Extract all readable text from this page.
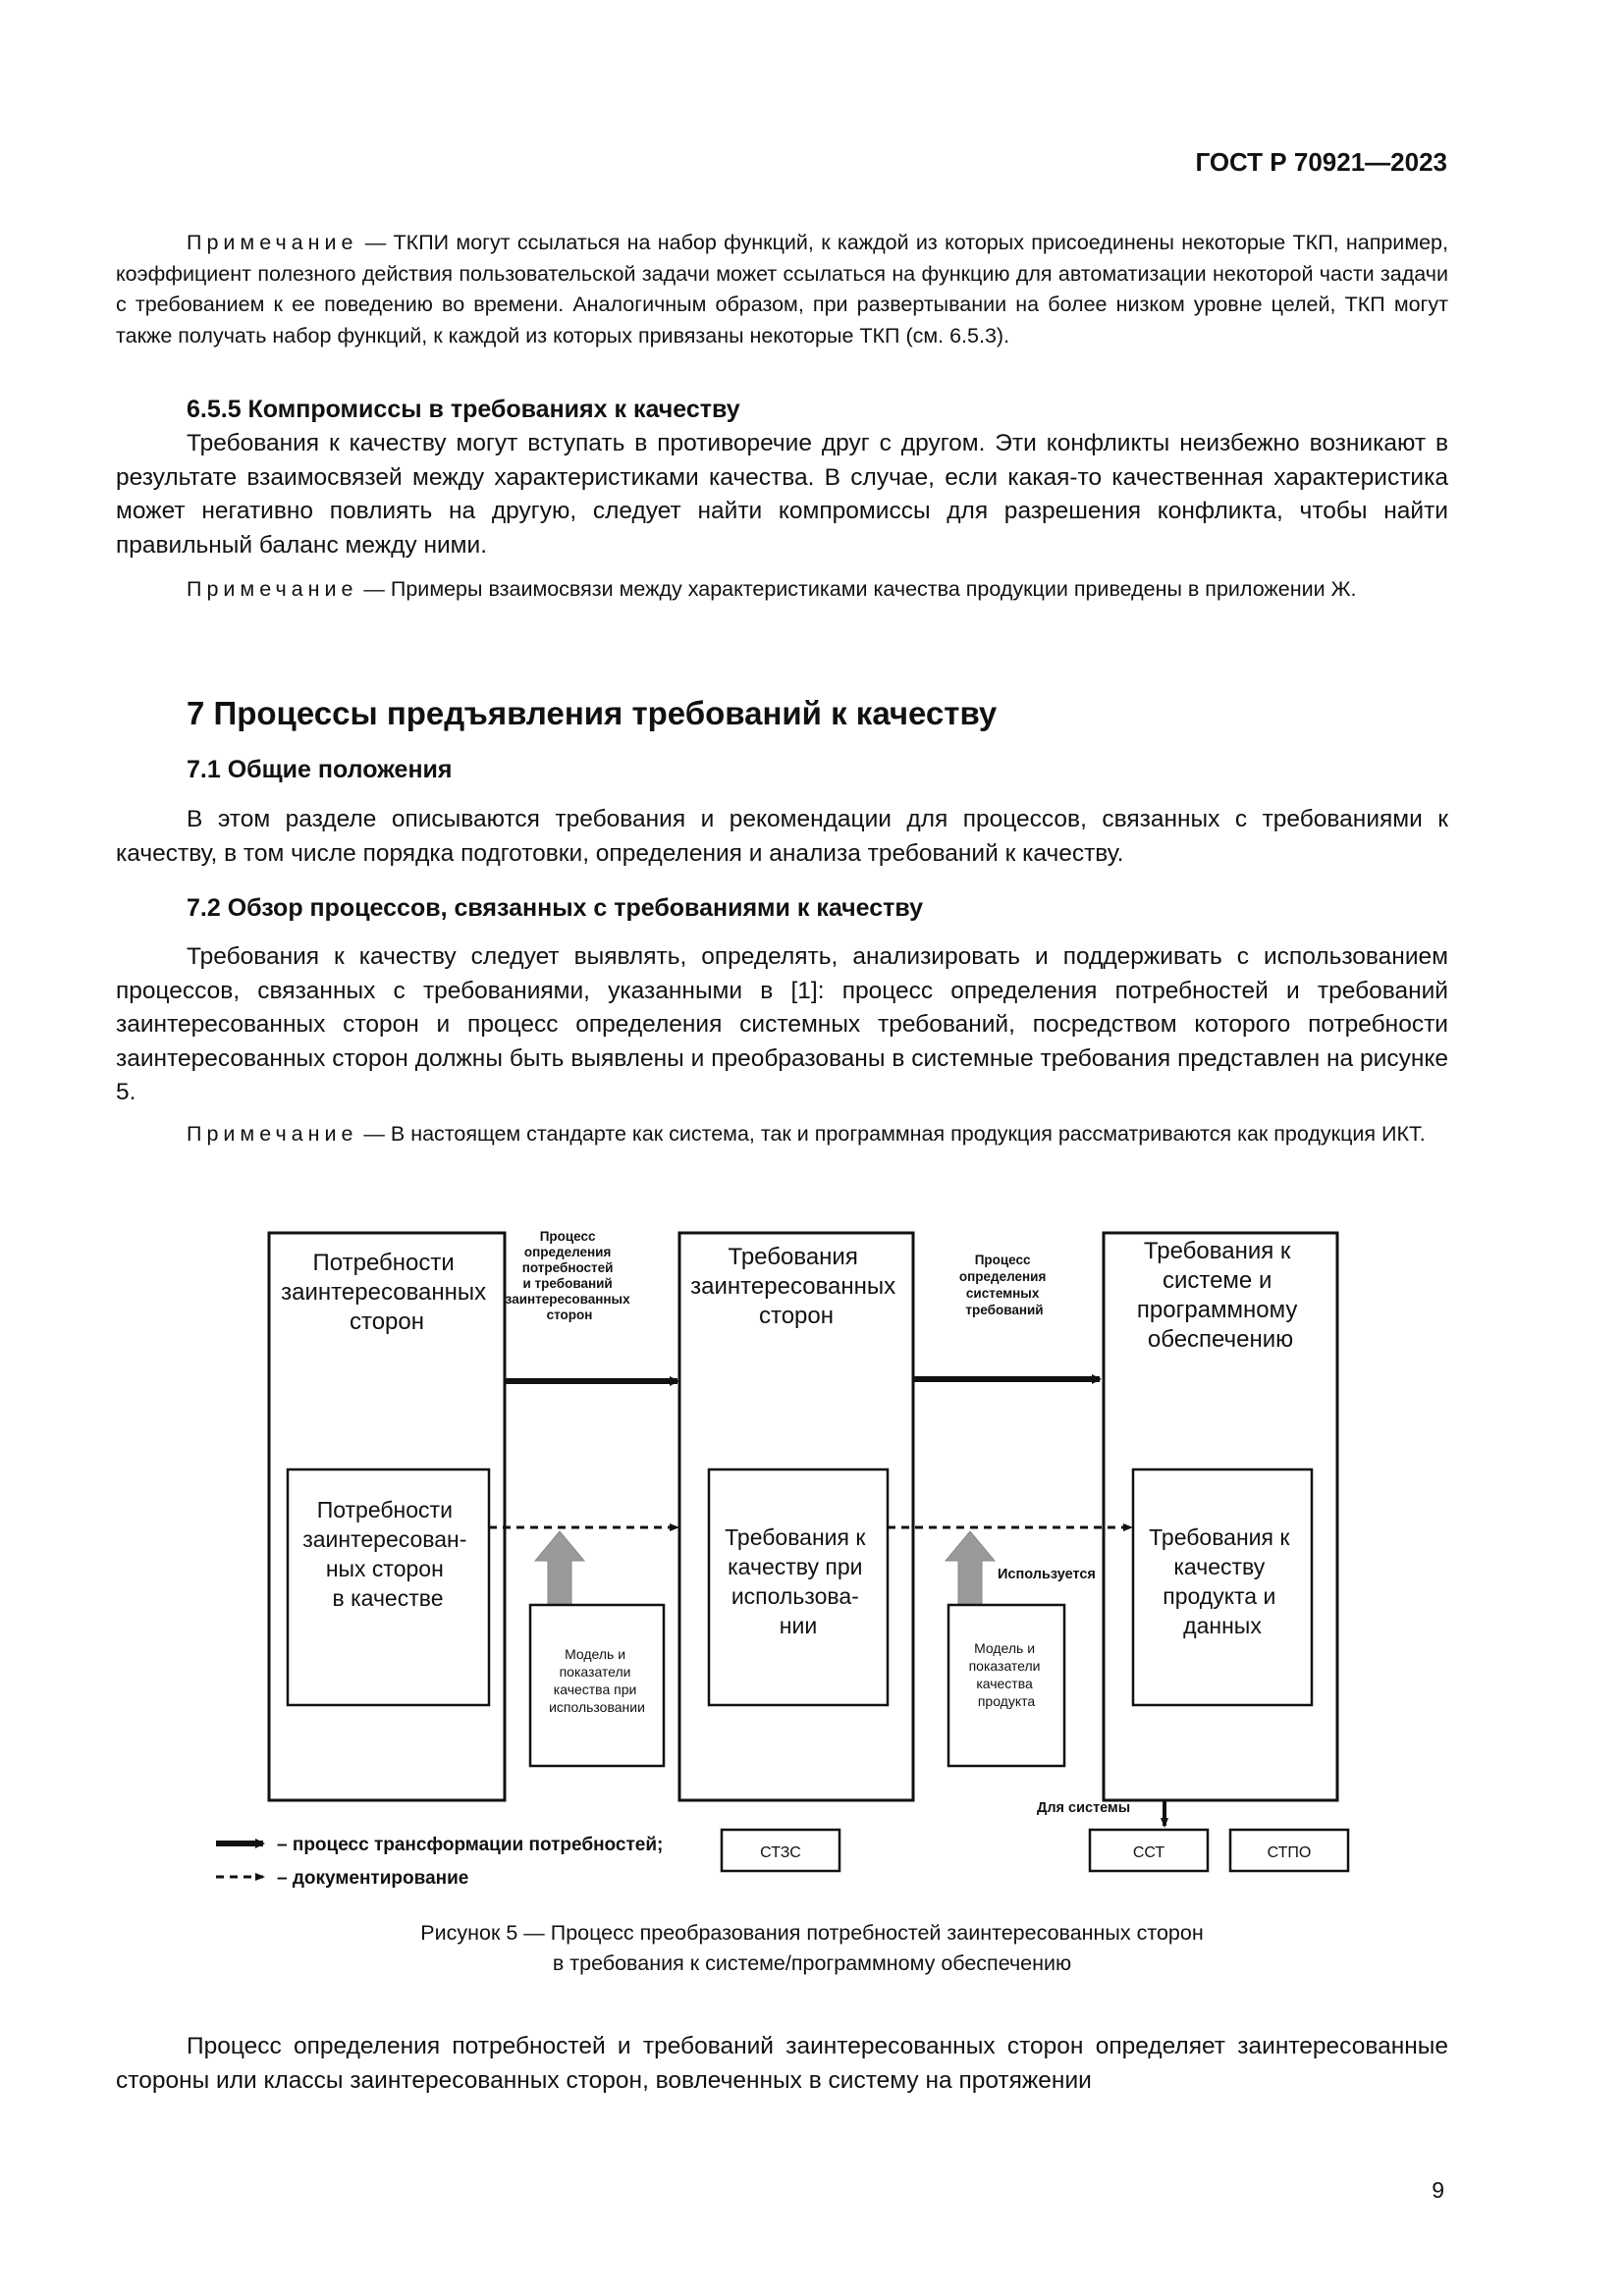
ГОСТ Р 70921—2023

Примечание — ТКПИ могут ссылаться на набор функций, к каждой из которых присоединены некоторые ТКП, например, коэффициент полезного действия пользовательской задачи может ссылаться на функцию для автоматизации некоторой части задачи с требованием к ее поведению во времени. Аналогичным образом, при развертывании на более низком уровне целей, ТКП могут также получать набор функций, к каждой из которых привязаны некоторые ТКП (см. 6.5.3).

6.5.5 Компромиссы в требованиях к качеству

Требования к качеству могут вступать в противоречие друг с другом. Эти конфликты неизбежно возникают в результате взаимосвязей между характеристиками качества. В случае, если какая-то качественная характеристика может негативно повлиять на другую, следует найти компромиссы для разрешения конфликта, чтобы найти правильный баланс между ними.

Примечание — Примеры взаимосвязи между характеристиками качества продукции приведены в приложении Ж.

7 Процессы предъявления требований к качеству
7.1 Общие положения

В этом разделе описываются требования и рекомендации для процессов, связанных с требованиями к качеству, в том числе порядка подготовки, определения и анализа требований к качеству.

7.2 Обзор процессов, связанных с требованиями к качеству

Требования к качеству следует выявлять, определять, анализировать и поддерживать с использованием процессов, связанных с требованиями, указанными в [1]: процесс определения потребностей и требований заинтересованных сторон и процесс определения системных требований, посредством которого потребности заинтересованных сторон должны быть выявлены и преобразованы в системные требования представлен на рисунке 5.

Примечание — В настоящем стандарте как система, так и программная продукция рассматриваются как продукция ИКТ.

Потребности заинтересованных сторон
Потребности заинтересован- ных сторон в качестве
Процесс определения потребностей и требований заинтересованных сторон
Требования заинтересованных сторон
Требования к качеству при использова- нии
Модель и показатели качества при использовании
Процесс определения системных требований
Требования к системе и программному обеспечению
Требования к качеству продукта и данных
Используется
Модель и показатели качества продукта
Для системы
СТЗС	ССТ	СТПО
– процесс трансформации потребностей;
– документирование
Рисунок 5 — Процесс преобразования потребностей заинтересованных сторон
в требования к системе/программному обеспечению

Процесс определения потребностей и требований заинтересованных сторон определяет заинтересованные стороны или классы заинтересованных сторон, вовлеченных в систему на протяжении

9
